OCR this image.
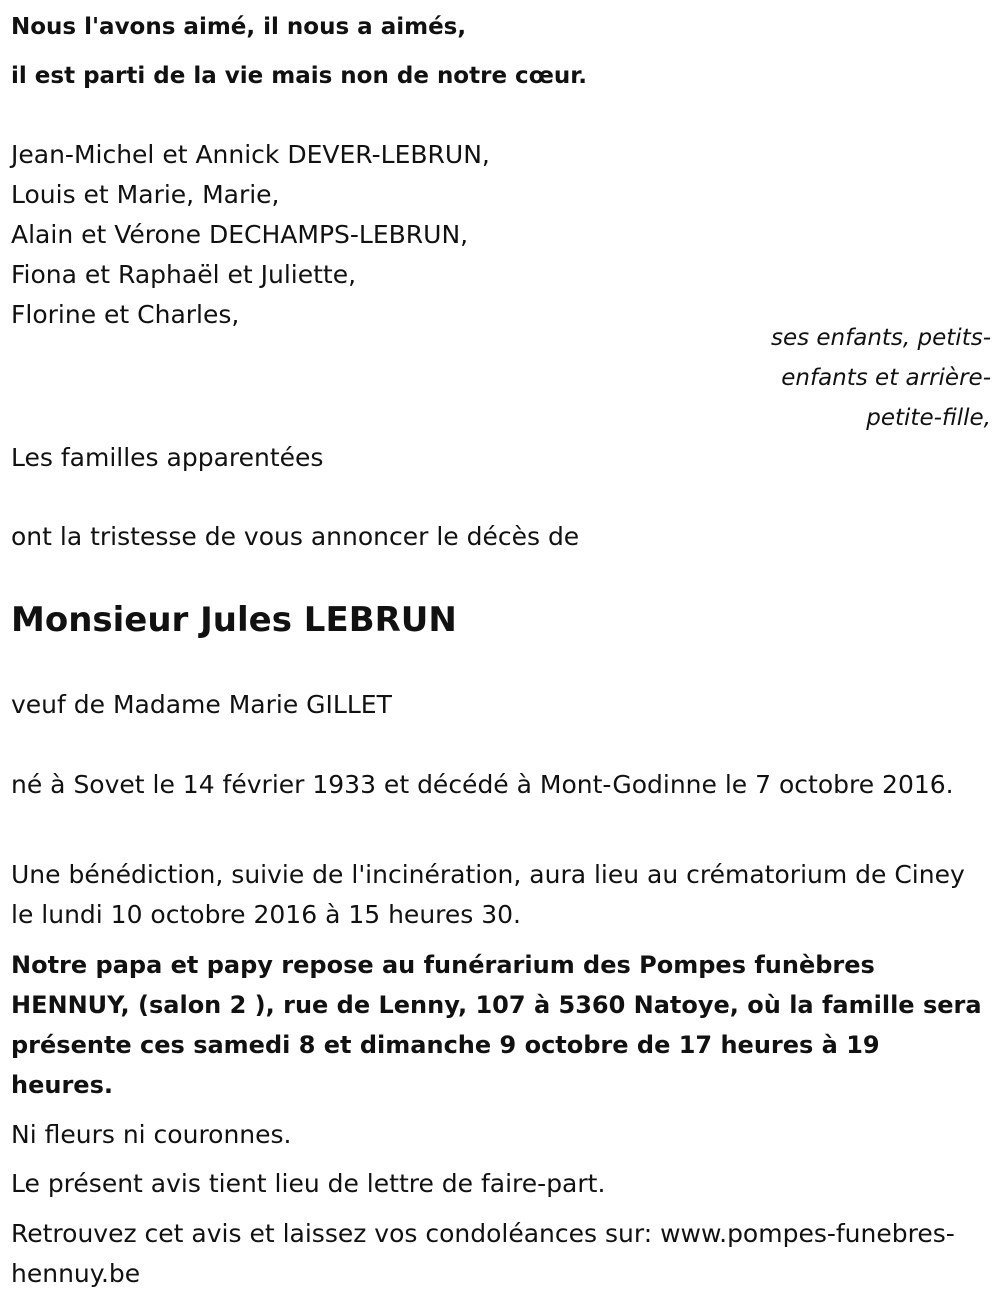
Nous l'avons aimé, il nous a aimés,

il est parti de la vie mais non de notre cœur.

Jean-Michel et Annick DEVER-LEBRUN,

Louis et Marie, Marie,

Alain et Vérone DECHAMPS-LEBRUN,

Fiona et Raphaël et Juliette,

Florine et Charles,

ses enfants, petits-
enfants et arrière-
petite-fille,

Les familles apparentées

ont la tristesse de vous annoncer le décès de

Monsieur Jules LEBRUN

veuf de Madame Marie GILLET

né à Sovet le 14 février 1933 et décédé à Mont-Godinne le 7 octobre 2016.
Une bénédiction, suivie de l'incinération, aura lieu au crématorium de Ciney le lundi 10 octobre 2016 à 15 heures 30.
Notre papa et papy repose au funérarium des Pompes funèbres HENNUY, (salon 2 ), rue de Lenny, 107 à 5360 Natoye, où la famille sera présente ces samedi 8 et dimanche 9 octobre de 17 heures à 19 heures.
Ni fleurs ni couronnes.
Le présent avis tient lieu de lettre de faire-part.
Retrouvez cet avis et laissez vos condoléances sur: www.pompes-funebres-hennuy.be
